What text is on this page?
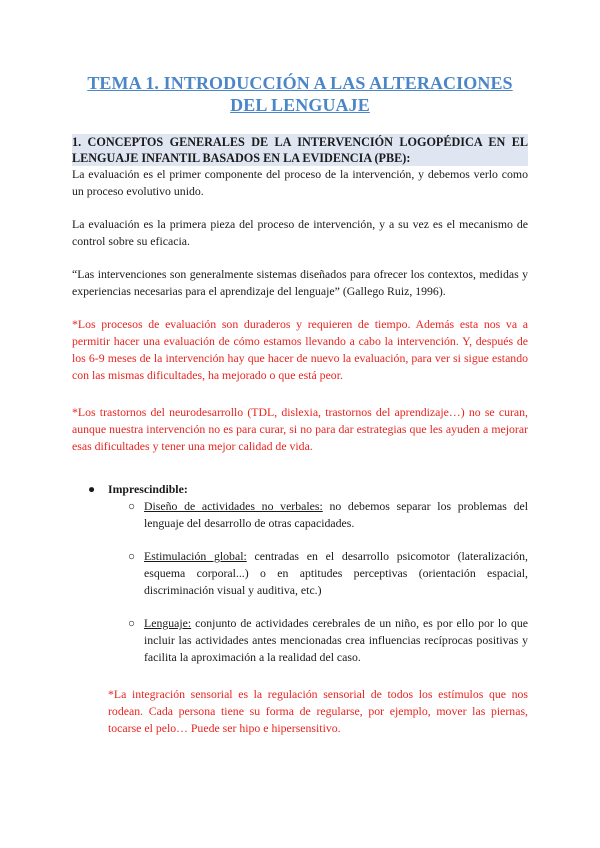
TEMA 1. INTRODUCCIÓN A LAS ALTERACIONES
DEL LENGUAJE
1. CONCEPTOS GENERALES DE LA INTERVENCIÓN LOGOPÉDICA EN EL
LENGUAJE INFANTIL BASADOS EN LA EVIDENCIA (PBE):

La evaluación es el primer componente del proceso de la intervención, y debemos verlo como un proceso evolutivo unido.

La evaluación es la primera pieza del proceso de intervención, y a su vez es el mecanismo de control sobre su eficacia.

“Las intervenciones son generalmente sistemas diseñados para ofrecer los contextos, medidas y experiencias necesarias para el aprendizaje del lenguaje” (Gallego Ruiz, 1996).

*Los procesos de evaluación son duraderos y requieren de tiempo. Además esta nos va a permitir hacer una evaluación de cómo estamos llevando a cabo la intervención. Y, después de los 6-9 meses de la intervención hay que hacer de nuevo la evaluación, para ver si sigue estando con las mismas dificultades, ha mejorado o que está peor.

*Los trastornos del neurodesarrollo (TDL, dislexia, trastornos del aprendizaje…) no se curan, aunque nuestra intervención no es para curar, si no para dar estrategias que les ayuden a mejorar esas dificultades y tener una mejor calidad de vida.

● Imprescindible:
○ Diseño de actividades no verbales: no debemos separar los problemas del lenguaje del desarrollo de otras capacidades.
○ Estimulación global: centradas en el desarrollo psicomotor (lateralización, esquema corporal...) o en aptitudes perceptivas (orientación espacial, discriminación visual y auditiva, etc.)
○ Lenguaje: conjunto de actividades cerebrales de un niño, es por ello por lo que incluir las actividades antes mencionadas crea influencias recíprocas positivas y facilita la aproximación a la realidad del caso.

*La integración sensorial es la regulación sensorial de todos los estímulos que nos rodean. Cada persona tiene su forma de regularse, por ejemplo, mover las piernas, tocarse el pelo… Puede ser hipo e hipersensitivo.
